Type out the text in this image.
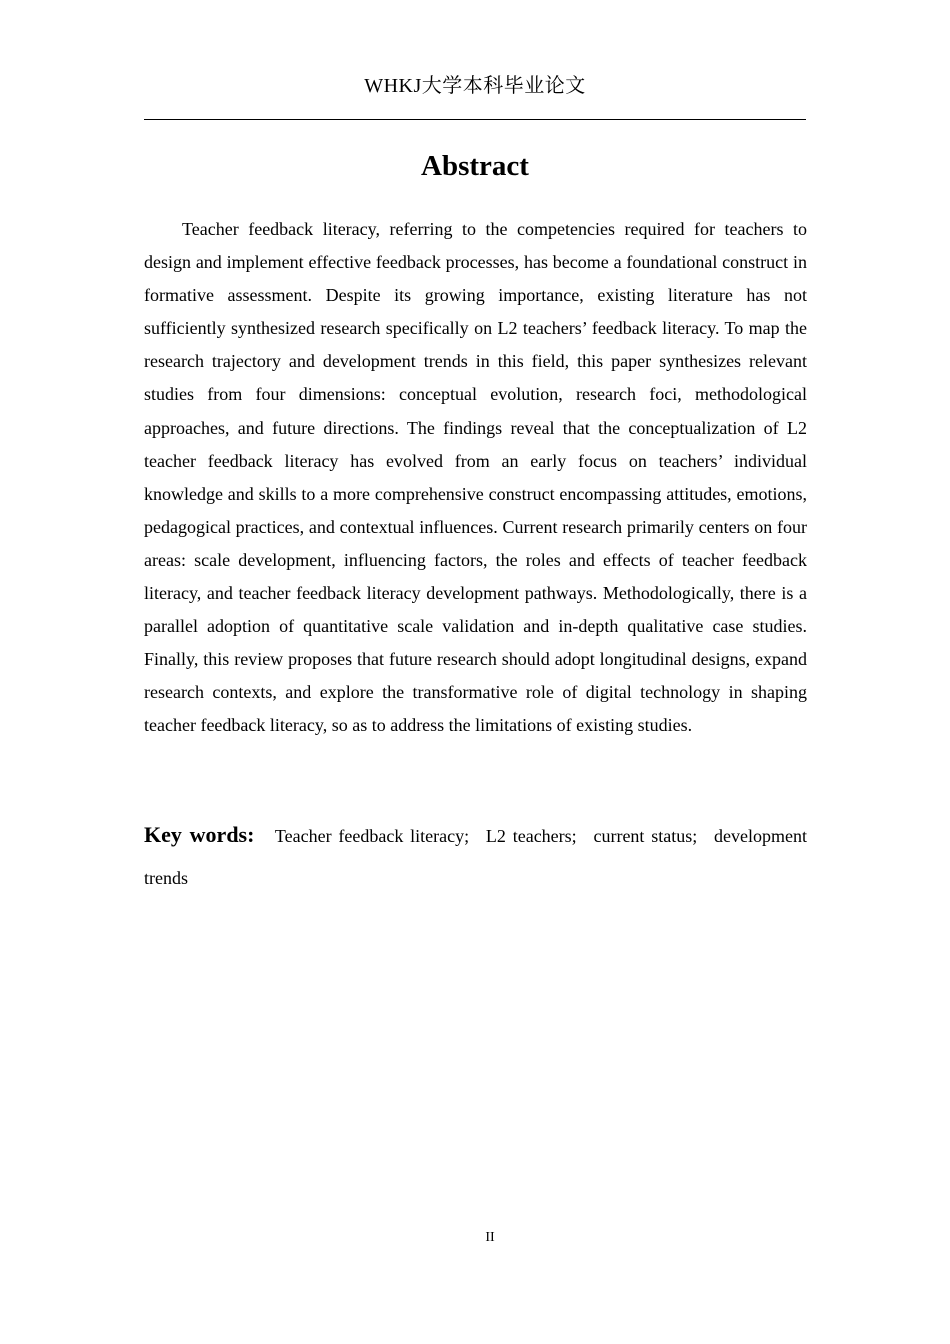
WHKJ大学本科毕业论文
Abstract

Teacher feedback literacy, referring to the competencies required for teachers to design and implement effective feedback processes, has become a foundational construct in formative assessment. Despite its growing importance, existing literature has not sufficiently synthesized research specifically on L2 teachers’ feedback literacy. To map the research trajectory and development trends in this field, this paper synthesizes relevant studies from four dimensions: conceptual evolution, research foci, methodological approaches, and future directions. The findings reveal that the conceptualization of L2 teacher feedback literacy has evolved from an early focus on teachers’ individual knowledge and skills to a more comprehensive construct encompassing attitudes, emotions, pedagogical practices, and contextual influences. Current research primarily centers on four areas: scale development, influencing factors, the roles and effects of teacher feedback literacy, and teacher feedback literacy development pathways. Methodologically, there is a parallel adoption of quantitative scale validation and in-depth qualitative case studies. Finally, this review proposes that future research should adopt longitudinal designs, expand research contexts, and explore the transformative role of digital technology in shaping teacher feedback literacy, so as to address the limitations of existing studies.

Key words: Teacher feedback literacy; L2 teachers; current status; development trends

II
